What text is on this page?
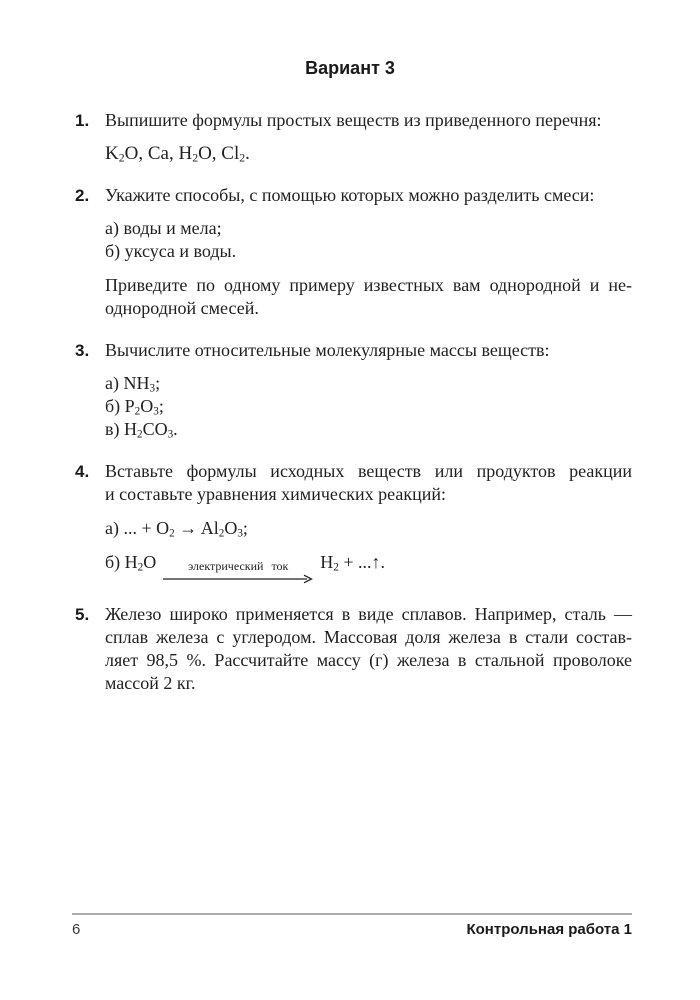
Вариант 3
1. Выпишите формулы простых веществ из приведенного перечня:
$K_2O$, Ca, $H_2O$, $Cl_2$.
2. Укажите способы, с помощью которых можно разделить смеси:
а) воды и мела;
б) уксуса и воды.
Приведите по одному примеру известных вам однородной и не-
однородной смесей.
3. Вычислите относительные молекулярные массы веществ:
а) $NH_3$;
б) $P_2O_3$;
в) $H_2CO_3$.
4. Вставьте формулы исходных веществ или продуктов реакции
и составьте уравнения химических реакций:
а) ... + $O_2 \to Al_2O_3$;
б) $H_2O$	электрический ток $H_2$ + ...↑.
5. Железо широко применяется в виде сплавов. Например, сталь —
сплав железа с углеродом. Массовая доля железа в стали состав-
ляет 98,5 %. Рассчитайте массу (г) железа в стальной проволоке
массой 2 кг.
6	Контрольная работа 1
